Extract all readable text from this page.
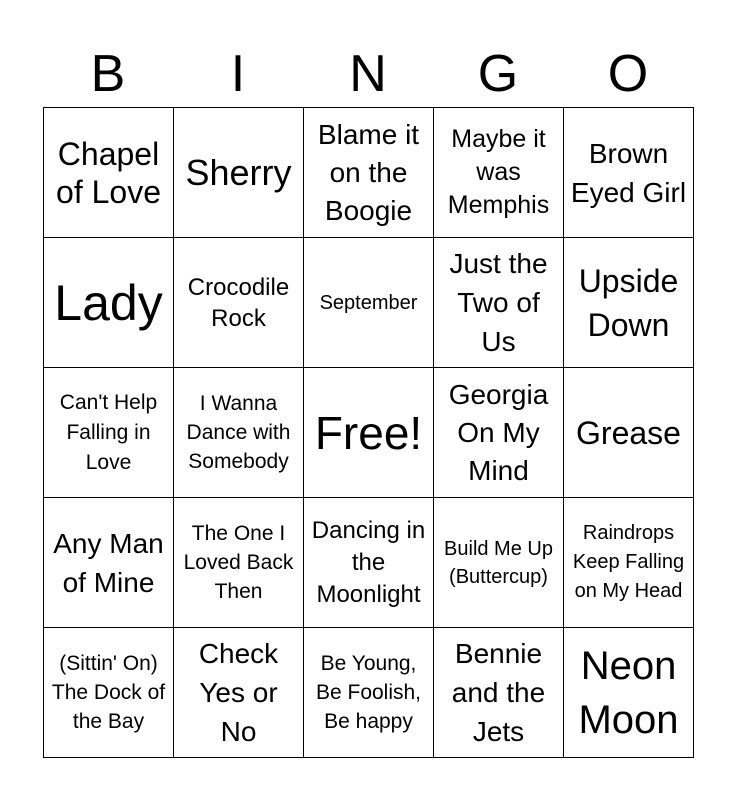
B	I	N	G	O
Chapel of Love	Sherry	Blame it on the Boogie	Maybe it was Memphis	Brown Eyed Girl

Lady	Crocodile Rock	September	Just the Two of Us	Upside Down

Can't Help Falling in Love	I Wanna Dance with Somebody	Free!	Georgia On My Mind	Grease

Any Man of Mine	The One I Loved Back Then	Dancing in the Moonlight	Build Me Up (Buttercup)	Raindrops Keep Falling on My Head

(Sittin' On) The Dock of the Bay	Check Yes or No	Be Young, Be Foolish, Be happy	Bennie and the Jets	Neon Moon
